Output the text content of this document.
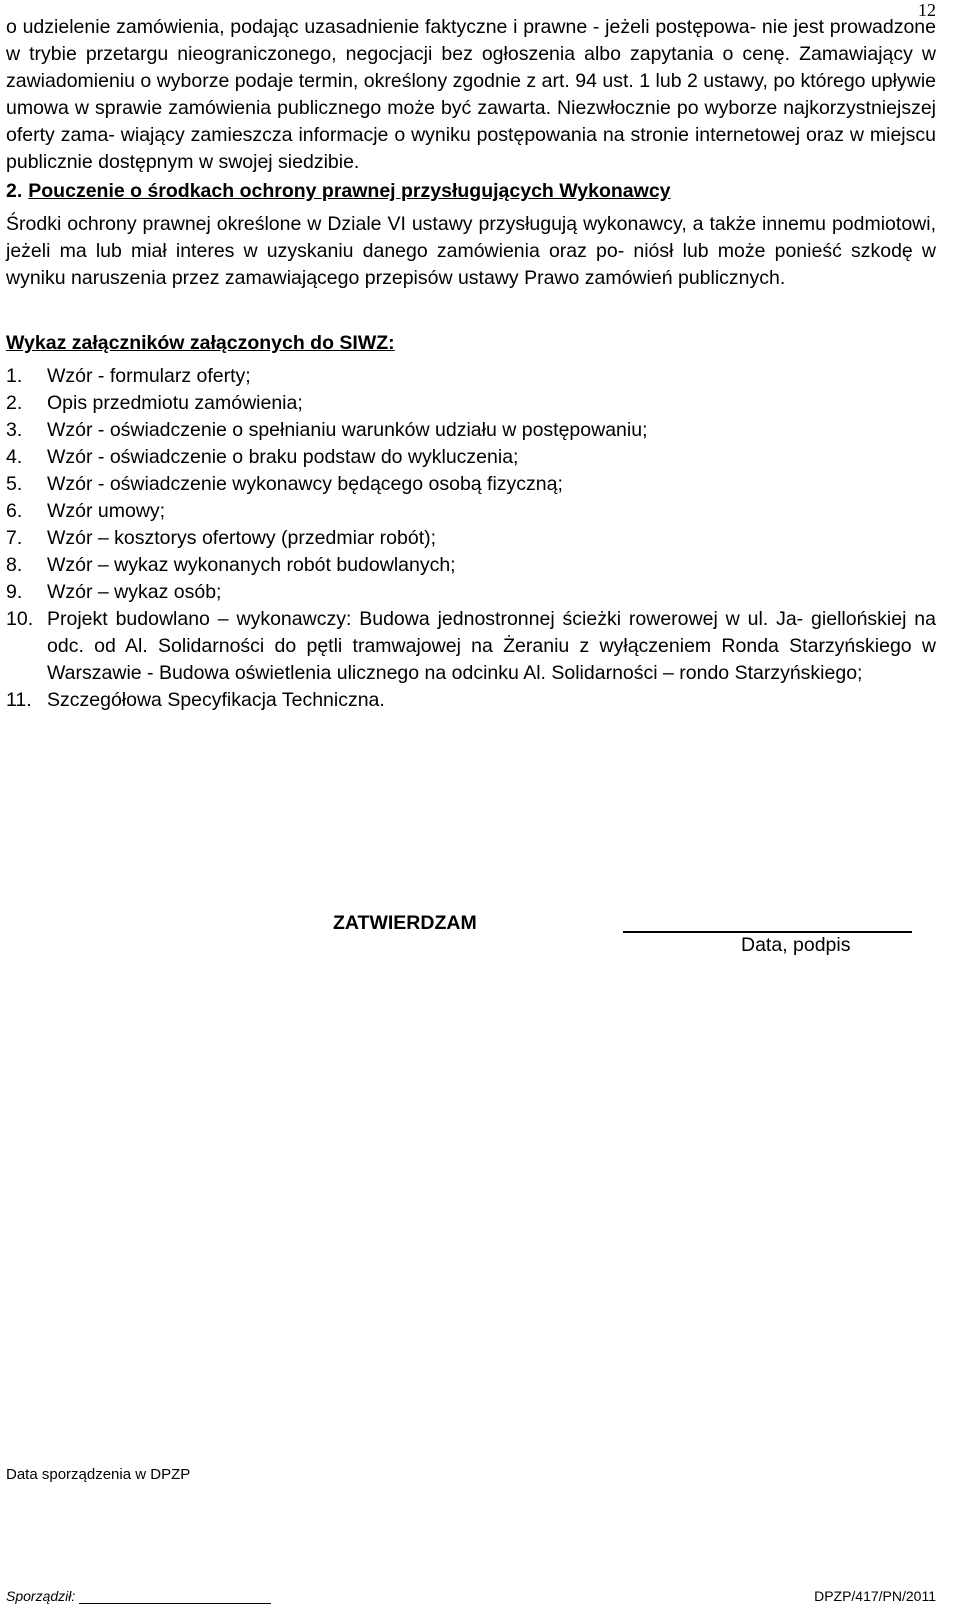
12

o udzielenie zamówienia, podając uzasadnienie faktyczne i prawne - jeżeli postępowa- nie jest prowadzone w trybie przetargu nieograniczonego, negocjacji bez ogłoszenia albo zapytania o cenę. Zamawiający w zawiadomieniu o wyborze podaje termin, określony zgodnie z art. 94 ust. 1 lub 2 ustawy, po którego upływie umowa w sprawie zamówienia publicznego może być zawarta. Niezwłocznie po wyborze najkorzystniejszej oferty zama- wiający zamieszcza informacje o wyniku postępowania na stronie internetowej oraz w miejscu publicznie dostępnym w swojej siedzibie.

2. Pouczenie o środkach ochrony prawnej przysługujących Wykonawcy

Środki ochrony prawnej określone w Dziale VI ustawy przysługują wykonawcy, a także innemu podmiotowi, jeżeli ma lub miał interes w uzyskaniu danego zamówienia oraz po- niósł lub może ponieść szkodę w wyniku naruszenia przez zamawiającego przepisów ustawy Prawo zamówień publicznych.

Wykaz załączników załączonych do SIWZ:
1.	Wzór - formularz oferty;
2.	Opis przedmiotu zamówienia;
3.	Wzór - oświadczenie o spełnianiu warunków udziału w postępowaniu;
4.	Wzór - oświadczenie o braku podstaw do wykluczenia;
5.	Wzór - oświadczenie wykonawcy będącego osobą fizyczną;
6.	Wzór umowy;
7.	Wzór – kosztorys ofertowy (przedmiar robót);
8.	Wzór – wykaz wykonanych robót budowlanych;
9.	Wzór – wykaz osób;
10. Projekt budowlano – wykonawczy: Budowa jednostronnej ścieżki rowerowej w ul. Ja- giellońskiej na odc. od Al. Solidarności do pętli tramwajowej na Żeraniu z wyłączeniem Ronda Starzyńskiego w Warszawie - Budowa oświetlenia ulicznego na odcinku Al. Solidarności – rondo Starzyńskiego;
11. Szczegółowa Specyfikacja Techniczna.
ZATWIERDZAM
Data, podpis
Data sporządzenia w DPZP
Sporządził:	DPZP/417/PN/2011
